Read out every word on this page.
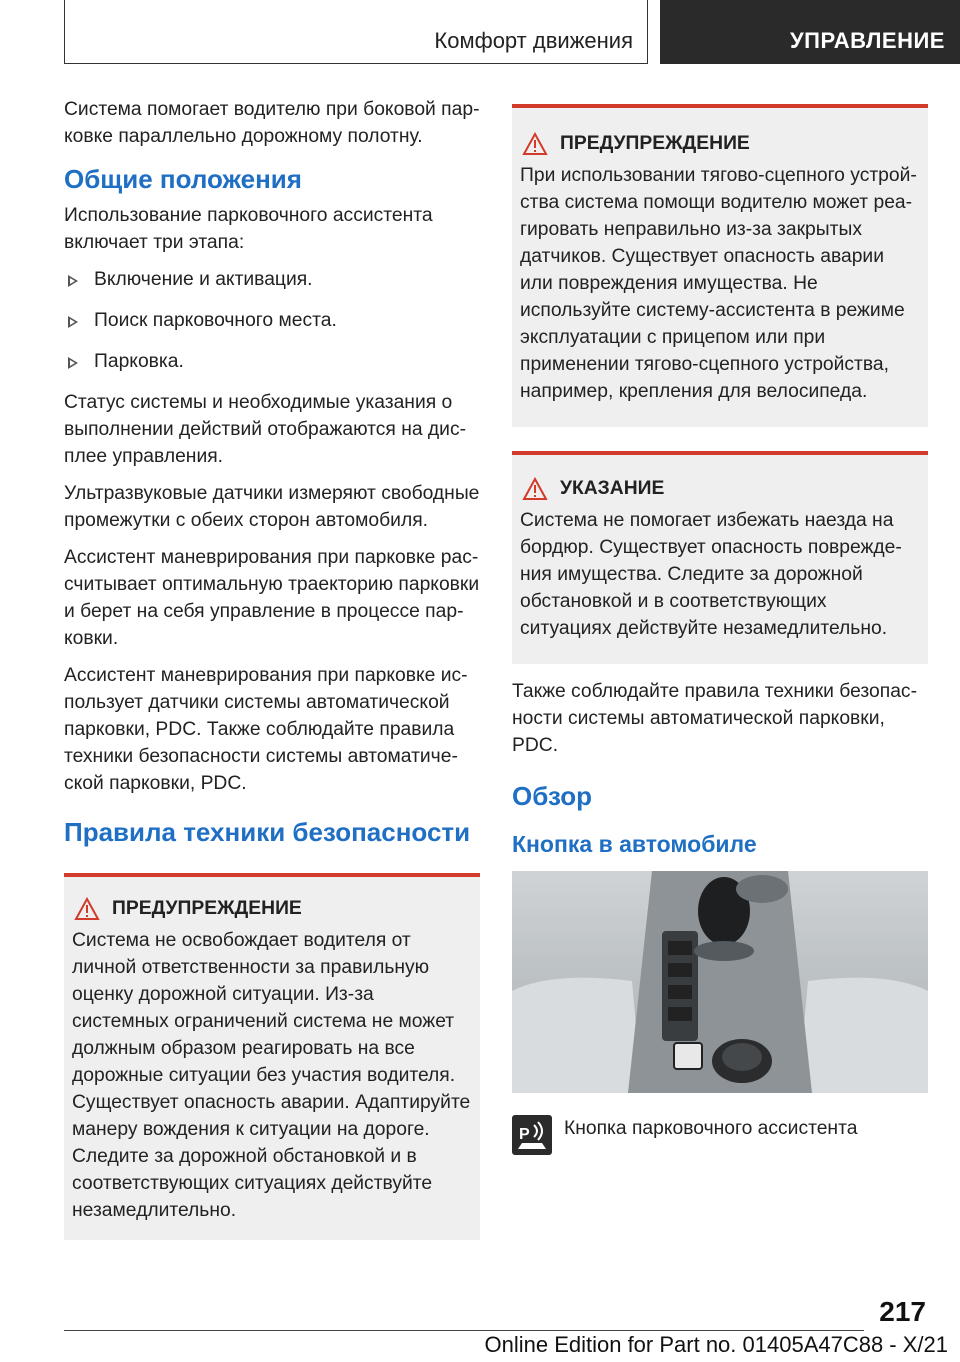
Комфорт движения	УПРАВЛЕНИЕ

Система помогает водителю при боковой парковке параллельно дорожному полотну.

Общие положения

Использование парковочного ассистента включает три этапа:

Включение и активация.
Поиск парковочного места.
Парковка.

Статус системы и необходимые указания о выполнении действий отображаются на дисплее управления.

Ультразвуковые датчики измеряют свободные промежутки с обеих сторон автомобиля.

Ассистент маневрирования при парковке рассчитывает оптимальную траекторию парковки и берет на себя управление в процессе парковки.

Ассистент маневрирования при парковке использует датчики системы автоматической парковки, PDC. Также соблюдайте правила техники безопасности системы автоматической парковки, PDC.

Правила техники безопасности
ПРЕДУПРЕЖДЕНИЕ

Система не освобождает водителя от личной ответственности за правильную оценку дорожной ситуации. Из-за системных ограничений система не может должным образом реагировать на все дорожные ситуации без участия водителя. Существует опасность аварии. Адаптируйте манеру вождения к ситуации на дороге. Следите за дорожной обстановкой и в соответствующих ситуациях действуйте незамедлительно.

ПРЕДУПРЕЖДЕНИЕ

При использовании тягово-сцепного устройства система помощи водителю может реагировать неправильно из-за закрытых датчиков. Существует опасность аварии или повреждения имущества. Не используйте систему-ассистента в режиме эксплуатации с прицепом или при применении тягово-сцепного устройства, например, крепления для велосипеда.

УКАЗАНИЕ

Система не помогает избежать наезда на бордюр. Существует опасность повреждения имущества. Следите за дорожной обстановкой и в соответствующих ситуациях действуйте незамедлительно.

Также соблюдайте правила техники безопасности системы автоматической парковки, PDC.

Обзор
Кнопка в автомобиле
P Кнопка парковочного ассистента
217
Online Edition for Part no. 01405A47C88 - X/21
